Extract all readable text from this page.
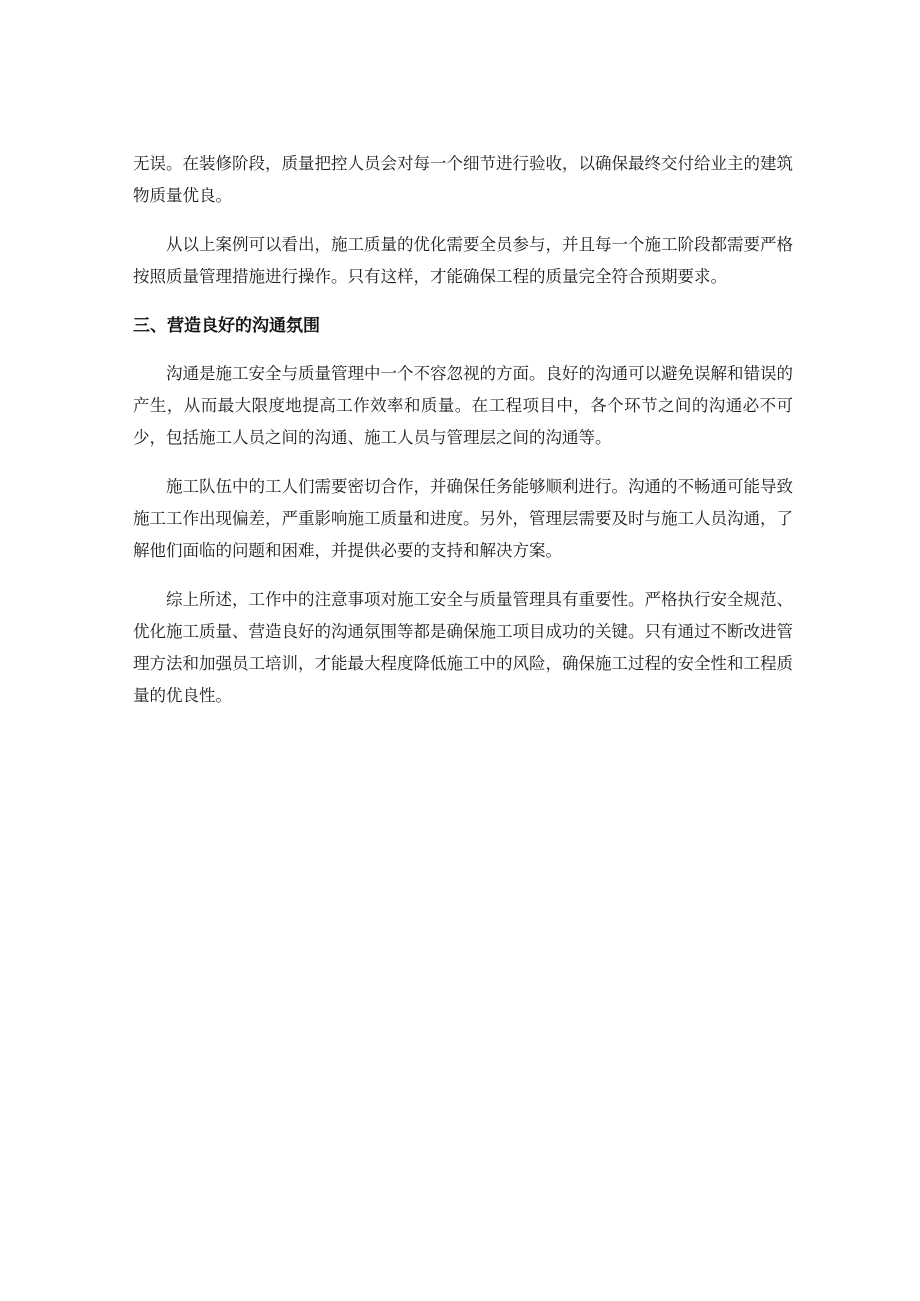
无误。在装修阶段，质量把控人员会对每一个细节进行验收，以确保最终交付给业主的建筑物质量优良。

从以上案例可以看出，施工质量的优化需要全员参与，并且每一个施工阶段都需要严格按照质量管理措施进行操作。只有这样，才能确保工程的质量完全符合预期要求。

三、营造良好的沟通氛围

沟通是施工安全与质量管理中一个不容忽视的方面。良好的沟通可以避免误解和错误的产生，从而最大限度地提高工作效率和质量。在工程项目中，各个环节之间的沟通必不可少，包括施工人员之间的沟通、施工人员与管理层之间的沟通等。

施工队伍中的工人们需要密切合作，并确保任务能够顺利进行。沟通的不畅通可能导致施工工作出现偏差，严重影响施工质量和进度。另外，管理层需要及时与施工人员沟通，了解他们面临的问题和困难，并提供必要的支持和解决方案。

综上所述，工作中的注意事项对施工安全与质量管理具有重要性。严格执行安全规范、优化施工质量、营造良好的沟通氛围等都是确保施工项目成功的关键。只有通过不断改进管理方法和加强员工培训，才能最大程度降低施工中的风险，确保施工过程的安全性和工程质量的优良性。
